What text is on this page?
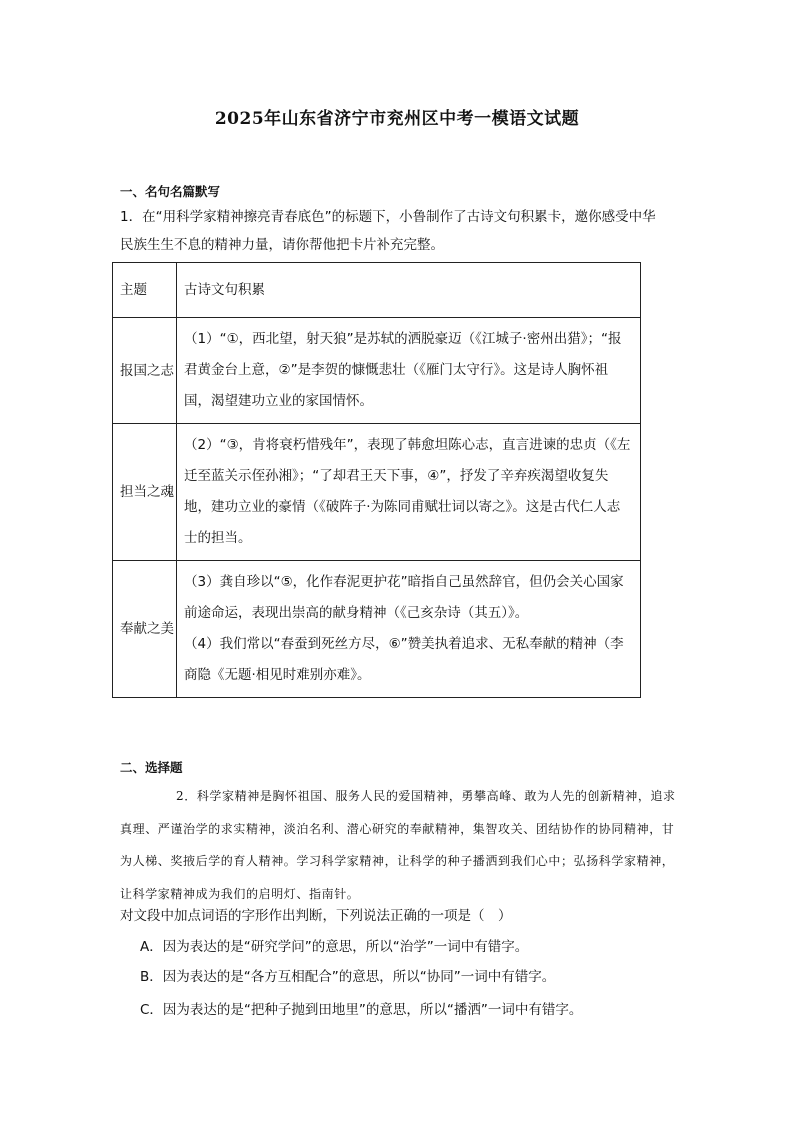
2025年山东省济宁市兖州区中考一模语文试题
一、名句名篇默写
1．在“用科学家精神擦亮青春底色”的标题下，小鲁制作了古诗文句积累卡，邀你感受中华
民族生生不息的精神力量，请你帮他把卡片补充完整。
主题	古诗文句积累
报国之志	（1）“①，西北望，射天狼”是苏轼的洒脱豪迈（《江城子·密州出猎》；“报君黄金台上意，②”是李贺的慷慨悲壮（《雁门太守行》。这是诗人胸怀祖国，渴望建功立业的家国情怀。
担当之魂	（2）“③，肯将衰朽惜残年”，表现了韩愈坦陈心志，直言进谏的忠贞（《左迁至蓝关示侄孙湘》；“了却君王天下事，④”，抒发了辛弃疾渴望收复失地，建功立业的豪情（《破阵子·为陈同甫赋壮词以寄之》。这是古代仁人志士的担当。
奉献之美	（3）龚自珍以“⑤，化作春泥更护花”暗指自己虽然辞官，但仍会关心国家前途命运，表现出崇高的献身精神（《己亥杂诗（其五）》。
（4）我们常以“春蚕到死丝方尽，⑥”赞美执着追求、无私奉献的精神（李商隐《无题·相见时难别亦难》。
二、选择题
2．科学家精神是胸怀祖国、服务人民的爱国精神，勇攀高峰、敢为人先的创新精神，追求真理、严谨治学的求实精神，淡泊名利、潜心研究的奉献精神，集智攻关、团结协作的协同精神，甘为人梯、奖掖后学的育人精神。学习科学家精神，让科学的种子播洒到我们心中；弘扬科学家精神，让科学家精神成为我们的启明灯、指南针。
对文段中加点词语的字形作出判断，下列说法正确的一项是（　）
A．因为表达的是“研究学问”的意思，所以“治学”一词中有错字。
B．因为表达的是“各方互相配合”的意思，所以“协同”一词中有错字。
C．因为表达的是“把种子抛到田地里”的意思，所以“播洒”一词中有错字。
